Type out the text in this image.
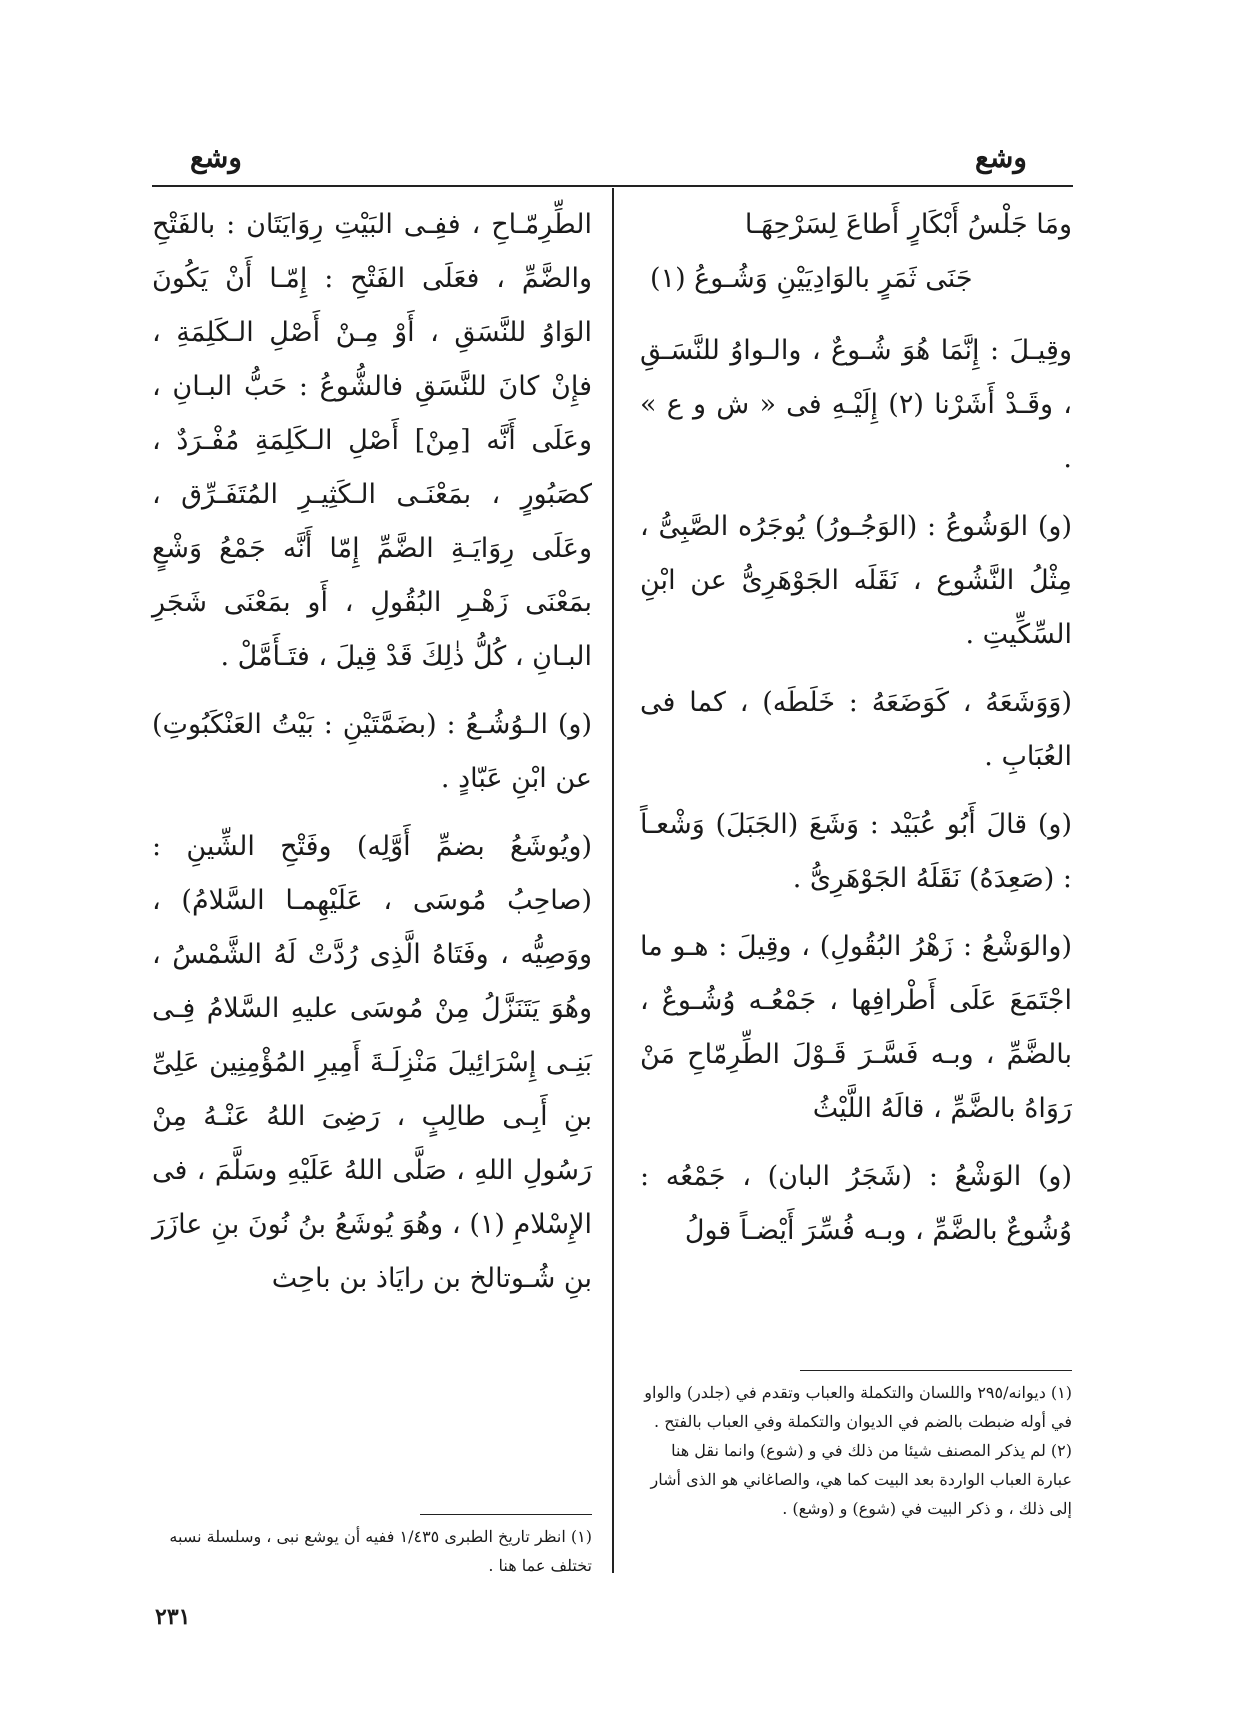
وشع	وشع
ومَا جَلْسُ أَبْكَارٍ أَطاعَ لِسَرْحِهَـا
جَنَى ثَمَرٍ بالوَادِيَيْنِ وَشُـوعُ (١)

وقِيـلَ : إِنَّمَا هُوَ شُـوعٌ ، والـواوُ للنَّسَـقِ ، وقَـدْ أَشَرْنا (٢) إِلَيْـهِ فى « ش و ع » .

(و) الوَشُوعُ : (الوَجُـورُ) يُوجَرُه الصَّبِىُّ ، مِثْلُ النَّشُوع ، نَقَلَه الجَوْهَرِىُّ عن ابْنِ السِّكِّيتِ .

(وَوَشَعَهُ ، كَوَضَعَهُ : خَلَطَه) ، كما فى العُبَابِ .

(و) قالَ أَبُو عُبَيْد : وَشَعَ (الجَبَلَ) وَشْعـاً : (صَعِدَهُ) نَقَلَهُ الجَوْهَرِىُّ .

(والوَشْعُ : زَهْرُ البُقُولِ) ، وقِيلَ : هـو ما اجْتَمَعَ عَلَى أَطْرافِها ، جَمْعُـه وُشُـوعٌ ، بالضَّمِّ ، وبـه فَسَّـرَ قَـوْلَ الطِّرِمّاحِ مَنْ رَوَاهُ بالضَّمِّ ، قالَهُ اللَّيْثُ

(و) الوَشْعُ : (شَجَرُ البان) ، جَمْعُه : وُشُوعٌ بالضَّمِّ ، وبـه فُسِّرَ أَيْضـاً قولُ

(١) ديوانه/٢٩٥ واللسان والتكملة والعباب وتقدم في (جلدر) والواو في أوله ضبطت بالضم في الديوان والتكملة وفي العباب بالفتح .

(٢) لم يذكر المصنف شيئا من ذلك في و (شوع) وانما نقل هنا عبارة العباب الواردة بعد البيت كما هي، والصاغاني هو الذى أشار إلى ذلك ، و ذكر البيت في (شوع) و (وشع) .

الطِّرِمّـاحِ ، ففِـى البَيْتِ رِوَايَتَان : بالفَتْحِ والضَّمِّ ، فعَلَى الفَتْحِ : إِمّـا أَنْ يَكُونَ الوَاوُ للنَّسَقِ ، أَوْ مِـنْ أَصْلِ الـكَلِمَةِ ، فإِنْ كانَ للنَّسَقِ فالشُّوعُ : حَبُّ البـانِ ، وعَلَى أَنَّه [مِنْ] أَصْلِ الـكَلِمَةِ مُفْـرَدٌ ، كصَبُورٍ ، بمَعْنَـى الـكَثِيـرِ المُتَفَـرِّق ، وعَلَى رِوَايَـةِ الضَّمِّ إِمّا أَنَّه جَمْعُ وَشْعٍ بمَعْنَى زَهْـرِ البُقُولِ ، أَو بمَعْنَى شَجَرِ البـانِ ، كُلُّ ذٰلِكَ قَدْ قِيلَ ، فتَـأَمَّلْ .

(و) الـوُشُـعُ : (بضَمَّتَيْنِ : بَيْتُ العَنْكَبُوتِ) عن ابْنِ عَبّادٍ .

(ويُوشَعُ بضمِّ أَوَّلِه) وفَتْحِ الشِّينِ : (صاحِبُ مُوسَى ، عَلَيْهِمـا السَّلامُ) ، ووَصِيُّه ، وفَتَاهُ الَّذِى رُدَّتْ لَهُ الشَّمْسُ ، وهُوَ يَتَنَزَّلُ مِنْ مُوسَى عليهِ السَّلامُ فِـى بَنِـى إِسْرَائِيلَ مَنْزِلَـةَ أَمِيرِ المُؤْمِنِين عَلِىِّ بنِ أَبِـى طالِبٍ ، رَضِىَ اللهُ عَنْـهُ مِنْ رَسُولِ اللهِ ، صَلَّى اللهُ عَلَيْهِ وسَلَّمَ ، فى الإِسْلامِ (١) ، وهُوَ يُوشَعُ بنُ نُونَ بنِ عازَرَ بنِ شُـوتالخ بن رايَاذ بن باحِث

(١) انظر تاريخ الطبرى ١/٤٣٥ ففيه أن يوشع نبى ، وسلسلة نسبه تختلف عما هنا .

٢٣١
